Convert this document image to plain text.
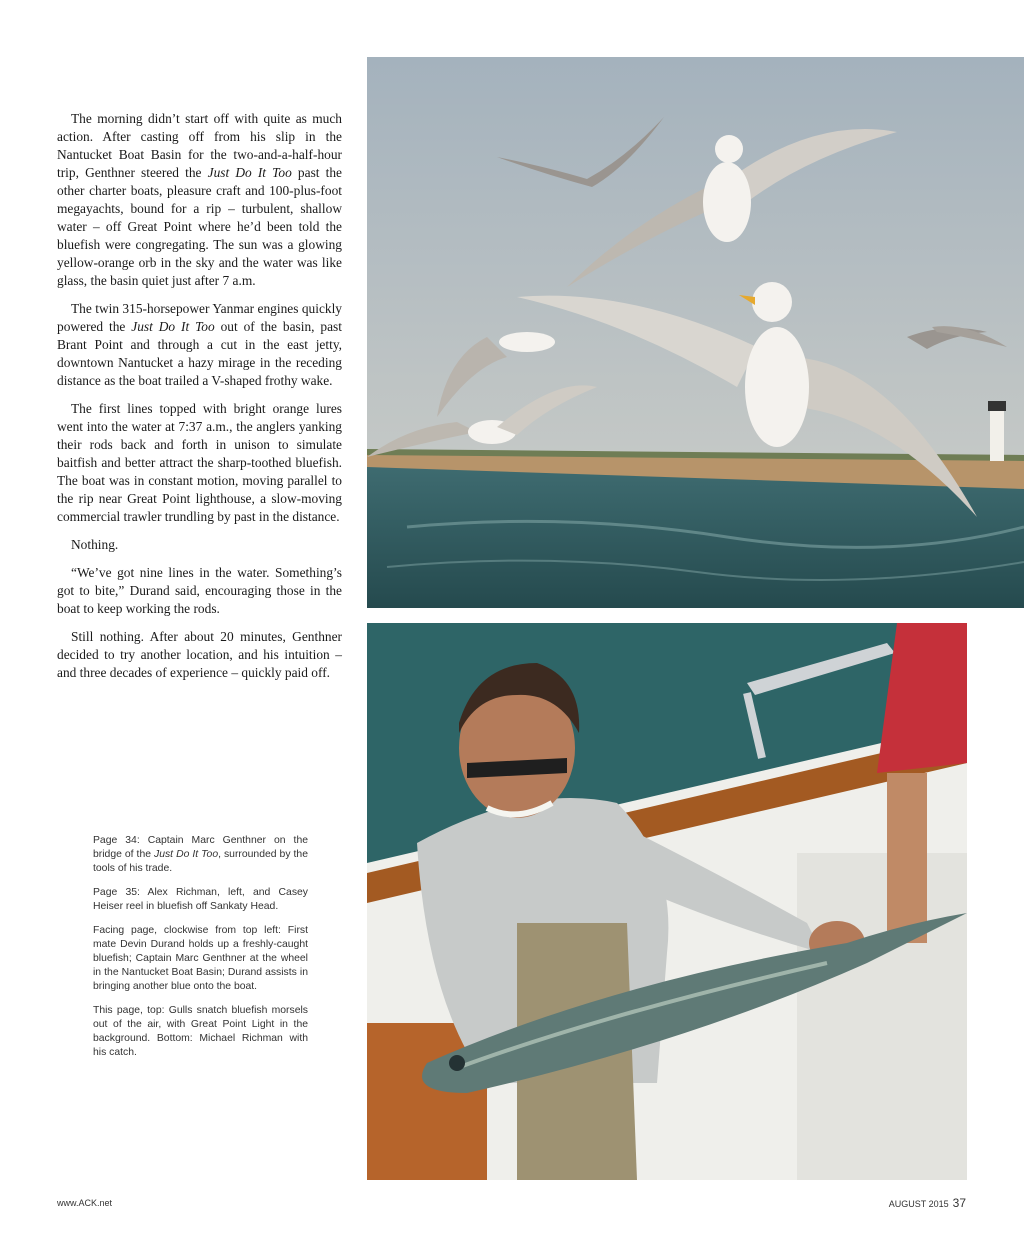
The morning didn’t start off with quite as much action. After casting off from his slip in the Nantucket Boat Basin for the two-and-a-half-hour trip, Genthner steered the Just Do It Too past the other charter boats, pleasure craft and 100-plus-foot megayachts, bound for a rip – turbulent, shallow water – off Great Point where he’d been told the bluefish were congregating. The sun was a glowing yellow-orange orb in the sky and the water was like glass, the basin quiet just after 7 a.m.

The twin 315-horsepower Yanmar engines quickly powered the Just Do It Too out of the basin, past Brant Point and through a cut in the east jetty, downtown Nantucket a hazy mirage in the receding distance as the boat trailed a V-shaped frothy wake.

The first lines topped with bright orange lures went into the water at 7:37 a.m., the anglers yanking their rods back and forth in unison to simulate baitfish and better attract the sharp-toothed bluefish. The boat was in constant motion, moving parallel to the rip near Great Point lighthouse, a slow-moving commercial trawler trundling by past in the distance.

Nothing.

“We’ve got nine lines in the water. Something’s got to bite,” Durand said, encouraging those in the boat to keep working the rods.

Still nothing. After about 20 minutes, Genthner decided to try another location, and his intuition – and three decades of experience – quickly paid off.

Page 34: Captain Marc Genthner on the bridge of the Just Do It Too, surrounded by the tools of his trade.

Page 35: Alex Richman, left, and Casey Heiser reel in bluefish off Sankaty Head.

Facing page, clockwise from top left: First mate Devin Durand holds up a freshly-caught bluefish; Captain Marc Genthner at the wheel in the Nantucket Boat Basin; Durand assists in bringing another blue onto the boat.

This page, top: Gulls snatch bluefish morsels out of the air, with Great Point Light in the background. Bottom: Michael Richman with his catch.

www.ACK.net	AUGUST 2015 37
